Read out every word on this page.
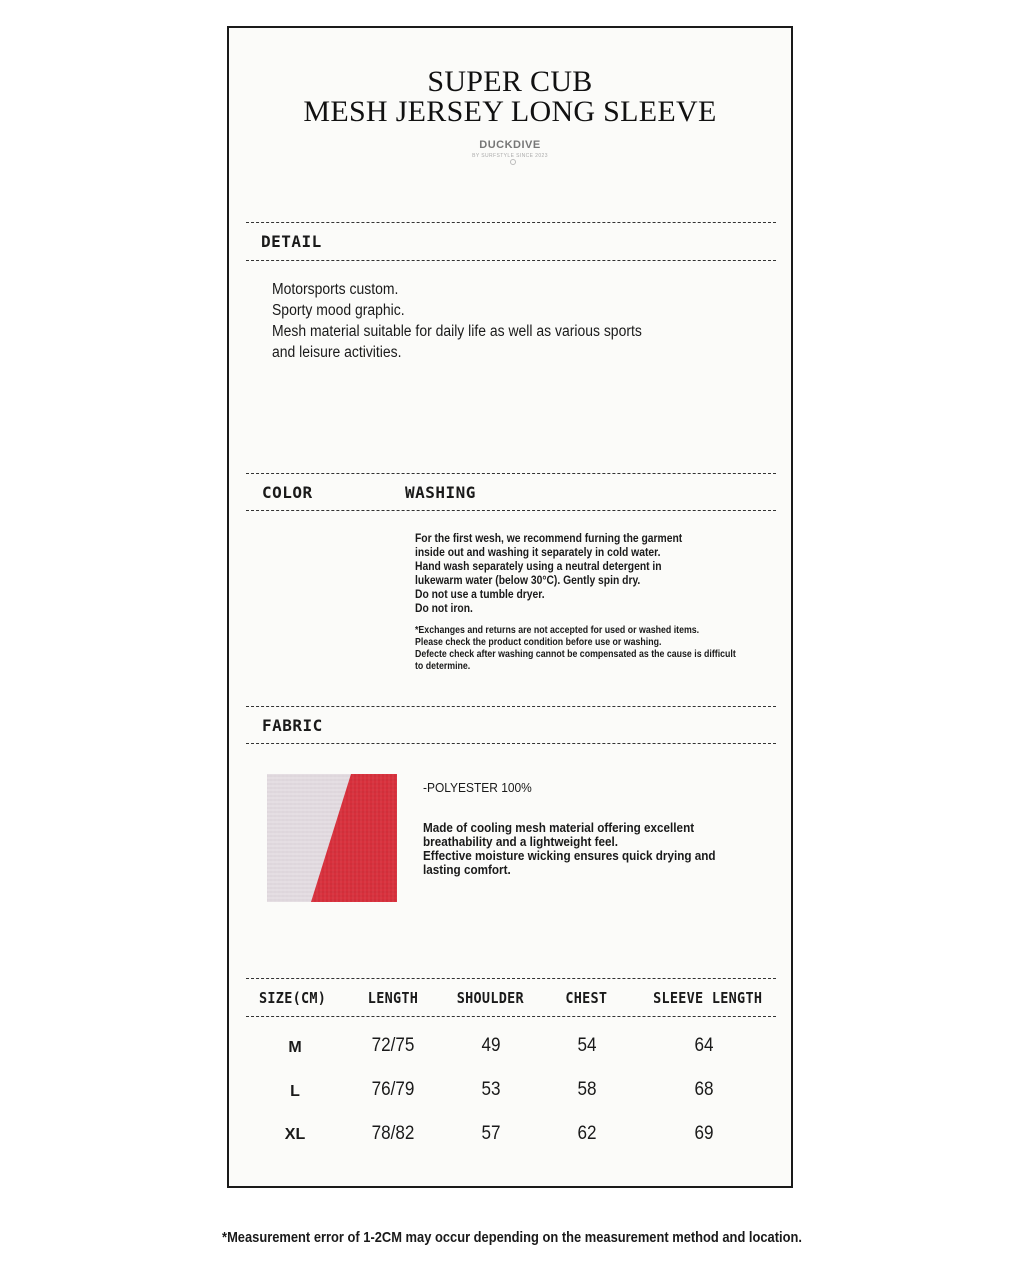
SUPER CUB
MESH JERSEY LONG SLEEVE
DUCKDIVE
BY SURFSTYLE SINCE 2023
DETAIL
Motorsports custom.
Sporty mood graphic.
Mesh material suitable for daily life as well as various sports
and leisure activities.
COLOR	WASHING
For the first wesh, we recommend furning the garment
inside out and washing it separately in cold water.
Hand wash separately using a neutral detergent in
lukewarm water (below 30°C). Gently spin dry.
Do not use a tumble dryer.
Do not iron.
*Exchanges and returns are not accepted for used or washed items.
Please check the product condition before use or washing.
Defecte check after washing cannot be compensated as the cause is difficult
to determine.
FABRIC
-POLYESTER 100%
Made of cooling mesh material offering excellent
breathability and a lightweight feel.
Effective moisture wicking ensures quick drying and
lasting comfort.
SIZE(CM)	LENGTH	SHOULDER	CHEST	SLEEVE LENGTH
M	72/75	49	54	64
L	76/79	53	58	68
XL	78/82	57	62	69
*Measurement error of 1-2CM may occur depending on the measurement method and location.
